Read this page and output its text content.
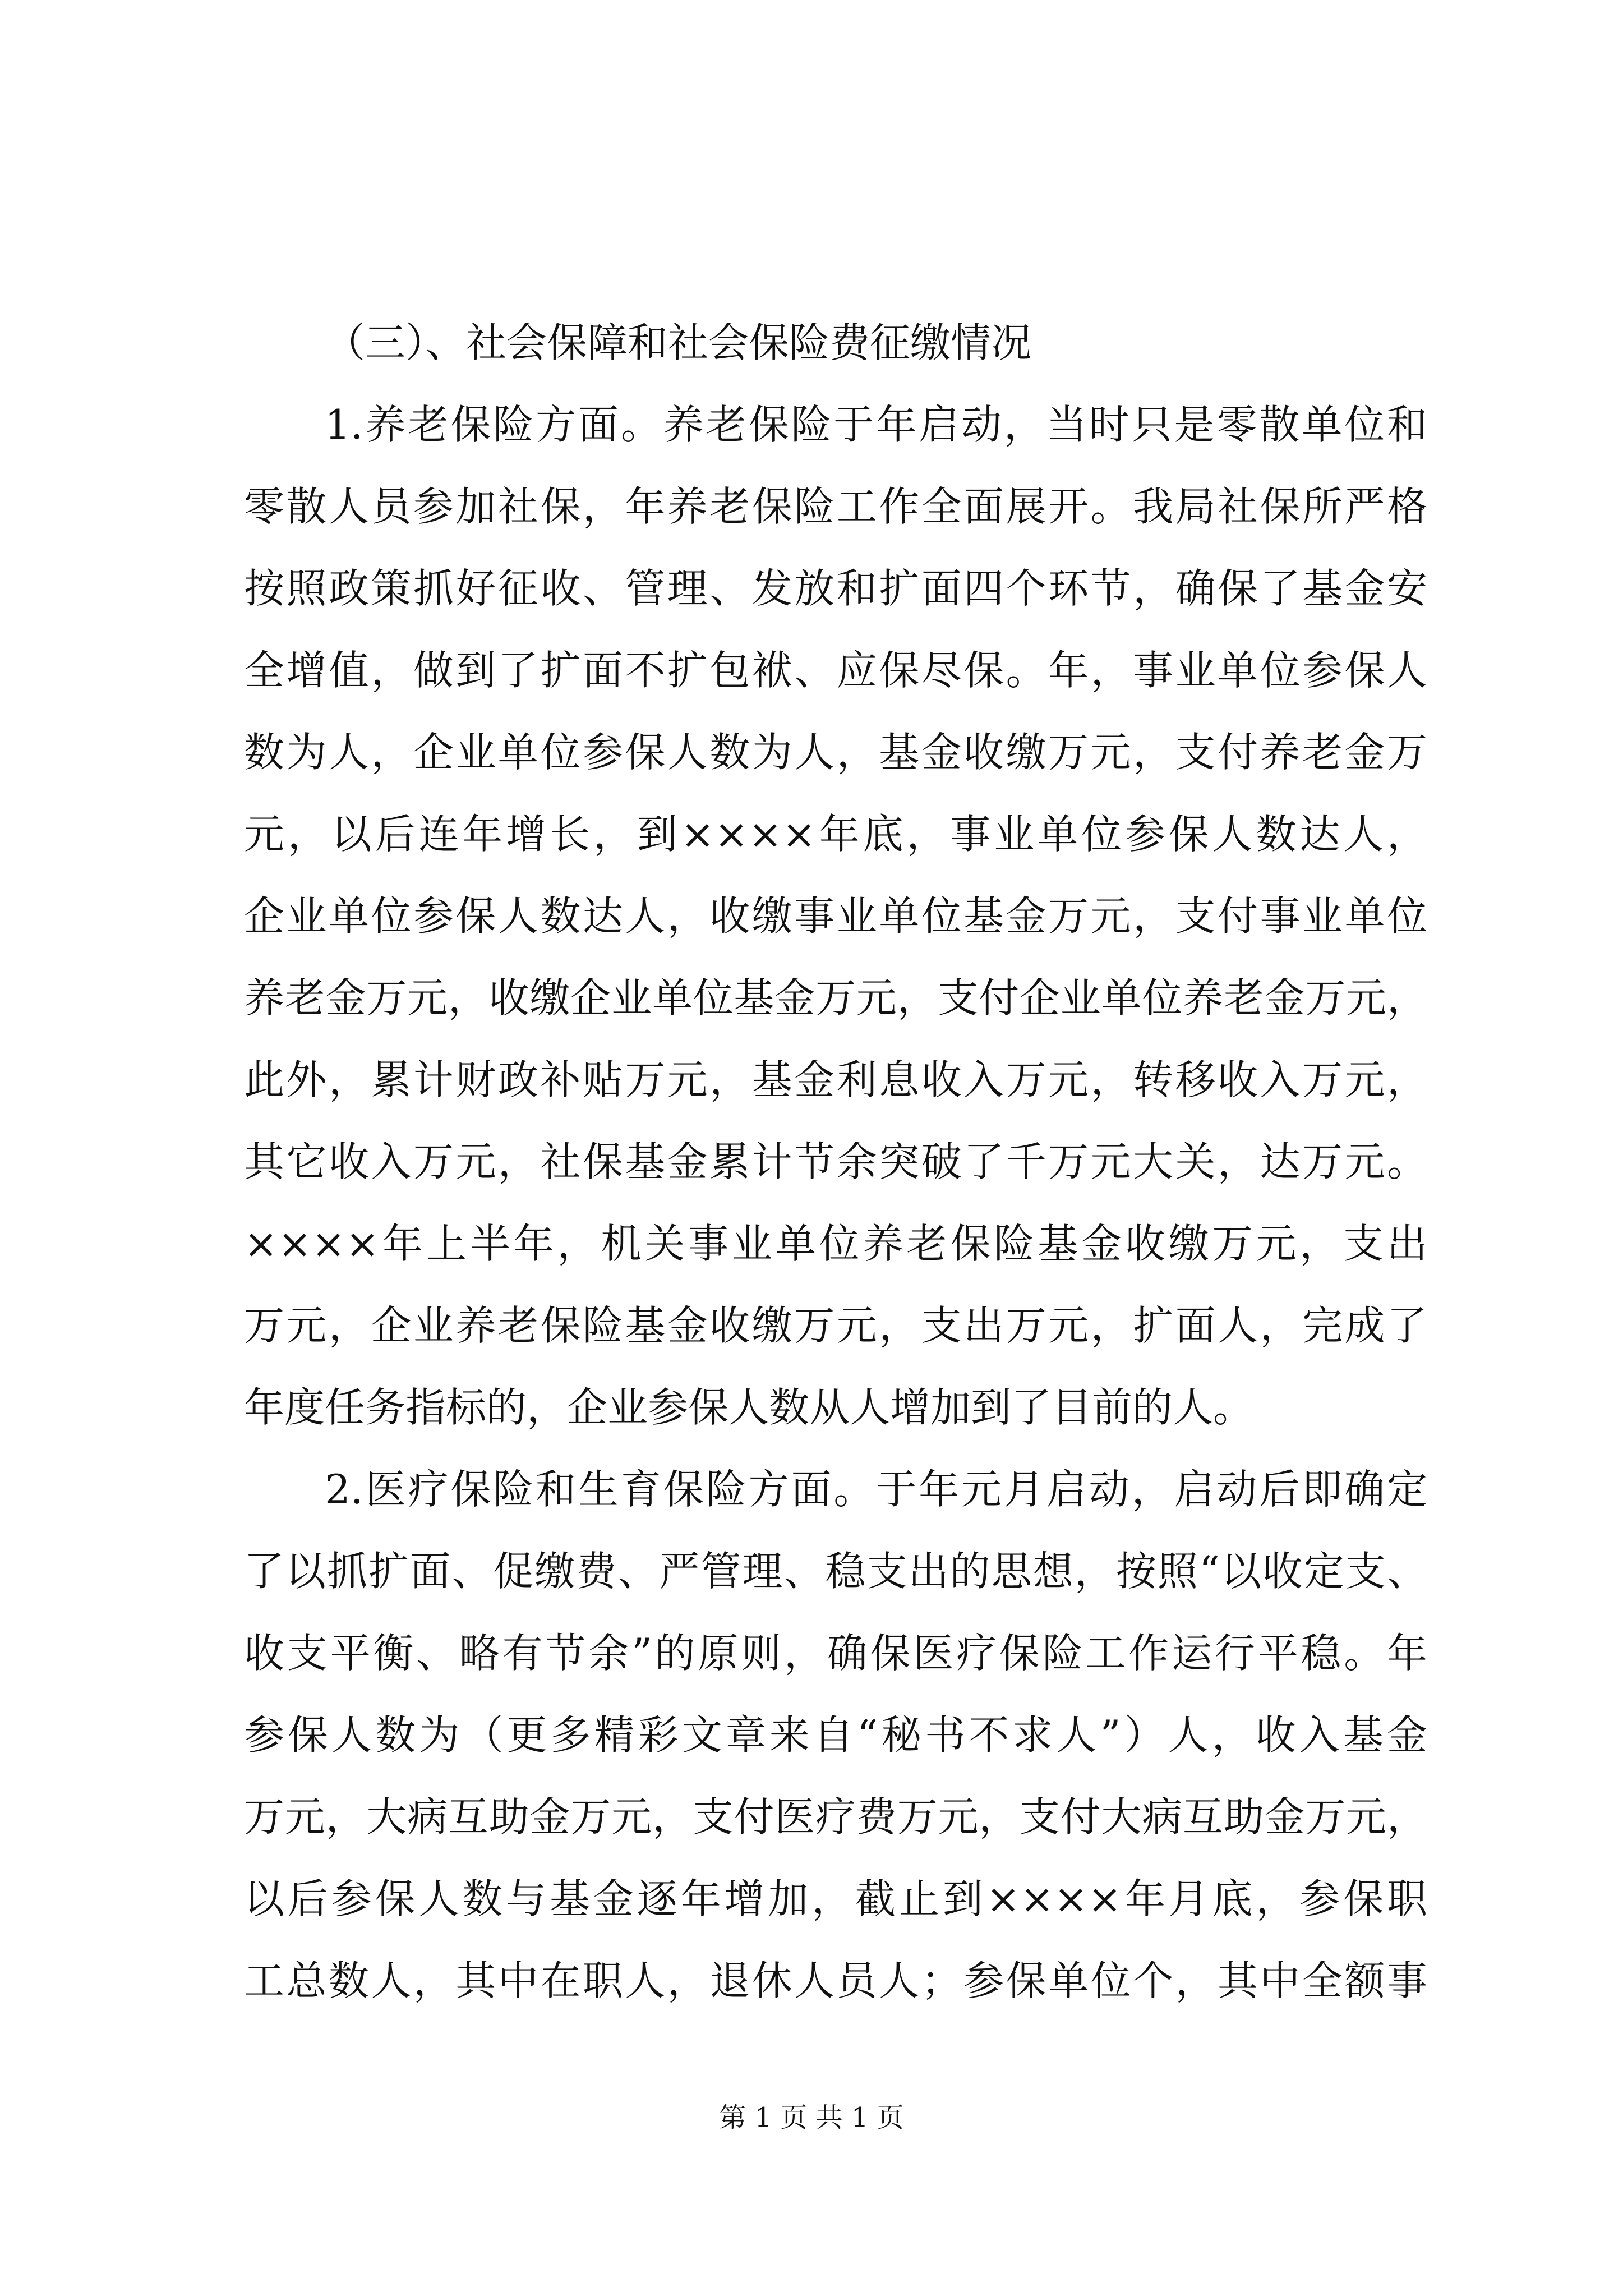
（三）、社会保障和社会保险费征缴情况
1.养老保险方面。养老保险于年启动，当时只是零散单位和
零散人员参加社保，年养老保险工作全面展开。我局社保所严格
按照政策抓好征收、管理、发放和扩面四个环节，确保了基金安
全增值，做到了扩面不扩包袱、应保尽保。年，事业单位参保人
数为人，企业单位参保人数为人，基金收缴万元，支付养老金万
元，以后连年增长，到××××年底，事业单位参保人数达人，
企业单位参保人数达人，收缴事业单位基金万元，支付事业单位
养老金万元，收缴企业单位基金万元，支付企业单位养老金万元，
此外，累计财政补贴万元，基金利息收入万元，转移收入万元，
其它收入万元，社保基金累计节余突破了千万元大关，达万元。
××××年上半年，机关事业单位养老保险基金收缴万元，支出
万元，企业养老保险基金收缴万元，支出万元，扩面人，完成了
年度任务指标的，企业参保人数从人增加到了目前的人。
2.医疗保险和生育保险方面。于年元月启动，启动后即确定
了以抓扩面、促缴费、严管理、稳支出的思想，按照“以收定支、
收支平衡、略有节余”的原则，确保医疗保险工作运行平稳。年
参保人数为（更多精彩文章来自“秘书不求人”）人，收入基金
万元，大病互助金万元，支付医疗费万元，支付大病互助金万元，
以后参保人数与基金逐年增加，截止到××××年月底，参保职
工总数人，其中在职人，退休人员人；参保单位个，其中全额事
第 1 页 共 1 页
